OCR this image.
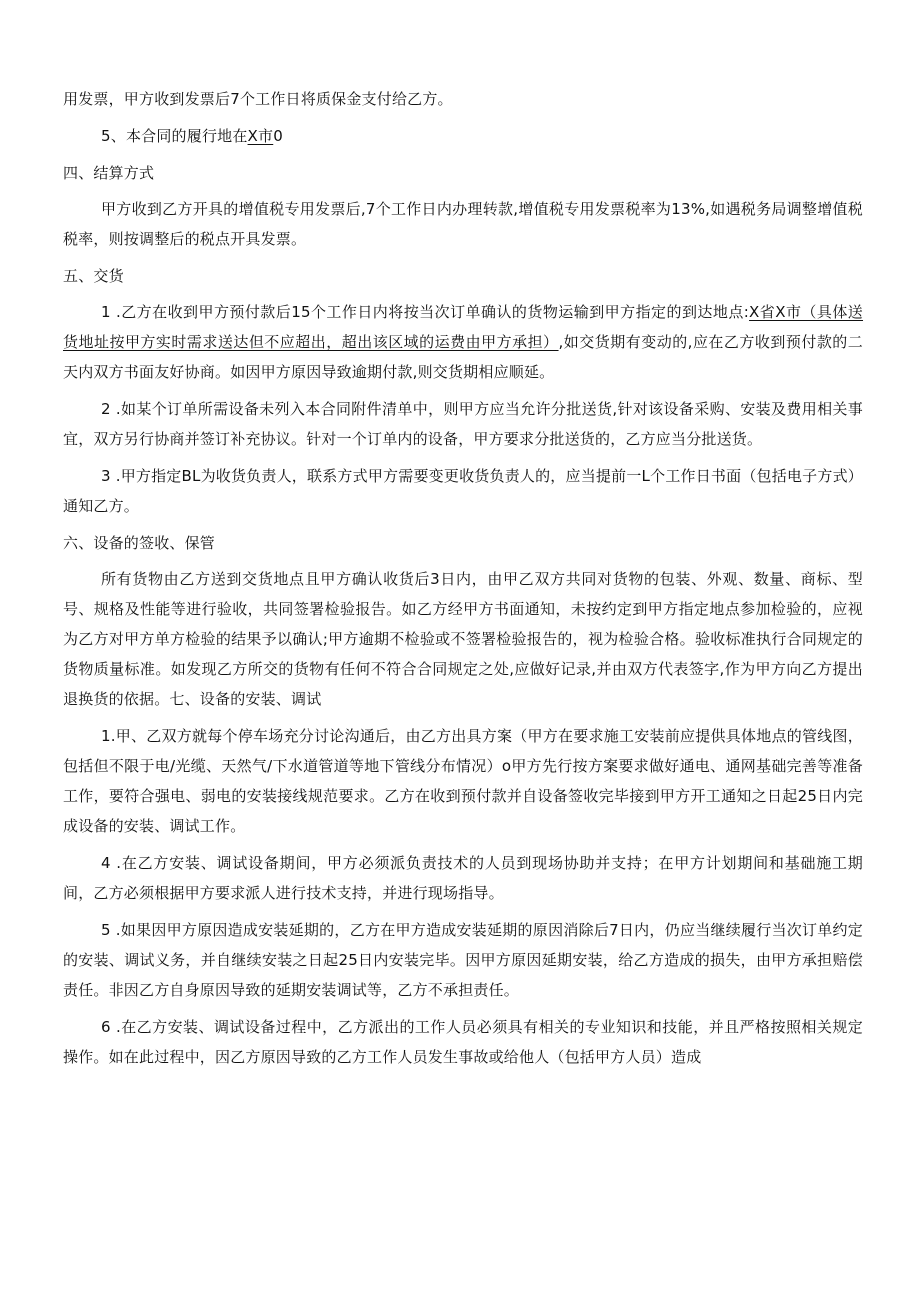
用发票，甲方收到发票后7个工作日将质保金支付给乙方。

5、本合同的履行地在X市0

四、结算方式

甲方收到乙方开具的增值税专用发票后,7个工作日内办理转款,增值税专用发票税率为13%,如遇税务局调整增值税税率，则按调整后的税点开具发票。

五、交货

1 .乙方在收到甲方预付款后15个工作日内将按当次订单确认的货物运输到甲方指定的到达地点:X省X市（具体送货地址按甲方实时需求送达但不应超出，超出该区域的运费由甲方承担）,如交货期有变动的,应在乙方收到预付款的二天内双方书面友好协商。如因甲方原因导致逾期付款,则交货期相应顺延。

2 .如某个订单所需设备未列入本合同附件清单中，则甲方应当允许分批送货,针对该设备采购、安装及费用相关事宜，双方另行协商并签订补充协议。针对一个订单内的设备，甲方要求分批送货的，乙方应当分批送货。

3 .甲方指定BL为收货负责人，联系方式甲方需要变更收货负责人的，应当提前一L个工作日书面（包括电子方式）通知乙方。

六、设备的签收、保管

所有货物由乙方送到交货地点且甲方确认收货后3日内，由甲乙双方共同对货物的包装、外观、数量、商标、型号、规格及性能等进行验收，共同签署检验报告。如乙方经甲方书面通知，未按约定到甲方指定地点参加检验的，应视为乙方对甲方单方检验的结果予以确认;甲方逾期不检验或不签署检验报告的，视为检验合格。验收标准执行合同规定的货物质量标准。如发现乙方所交的货物有任何不符合合同规定之处,应做好记录,并由双方代表签字,作为甲方向乙方提出退换货的依据。七、设备的安装、调试

1.甲、乙双方就每个停车场充分讨论沟通后，由乙方出具方案（甲方在要求施工安装前应提供具体地点的管线图，包括但不限于电/光缆、天然气/下水道管道等地下管线分布情况）o甲方先行按方案要求做好通电、通网基础完善等准备工作，要符合强电、弱电的安装接线规范要求。乙方在收到预付款并自设备签收完毕接到甲方开工通知之日起25日内完成设备的安装、调试工作。

4 .在乙方安装、调试设备期间，甲方必须派负责技术的人员到现场协助并支持；在甲方计划期间和基础施工期间，乙方必须根据甲方要求派人进行技术支持，并进行现场指导。

5 .如果因甲方原因造成安装延期的，乙方在甲方造成安装延期的原因消除后7日内，仍应当继续履行当次订单约定的安装、调试义务，并自继续安装之日起25日内安装完毕。因甲方原因延期安装，给乙方造成的损失，由甲方承担赔偿责任。非因乙方自身原因导致的延期安装调试等，乙方不承担责任。

6 .在乙方安装、调试设备过程中，乙方派出的工作人员必须具有相关的专业知识和技能，并且严格按照相关规定操作。如在此过程中，因乙方原因导致的乙方工作人员发生事故或给他人（包括甲方人员）造成
